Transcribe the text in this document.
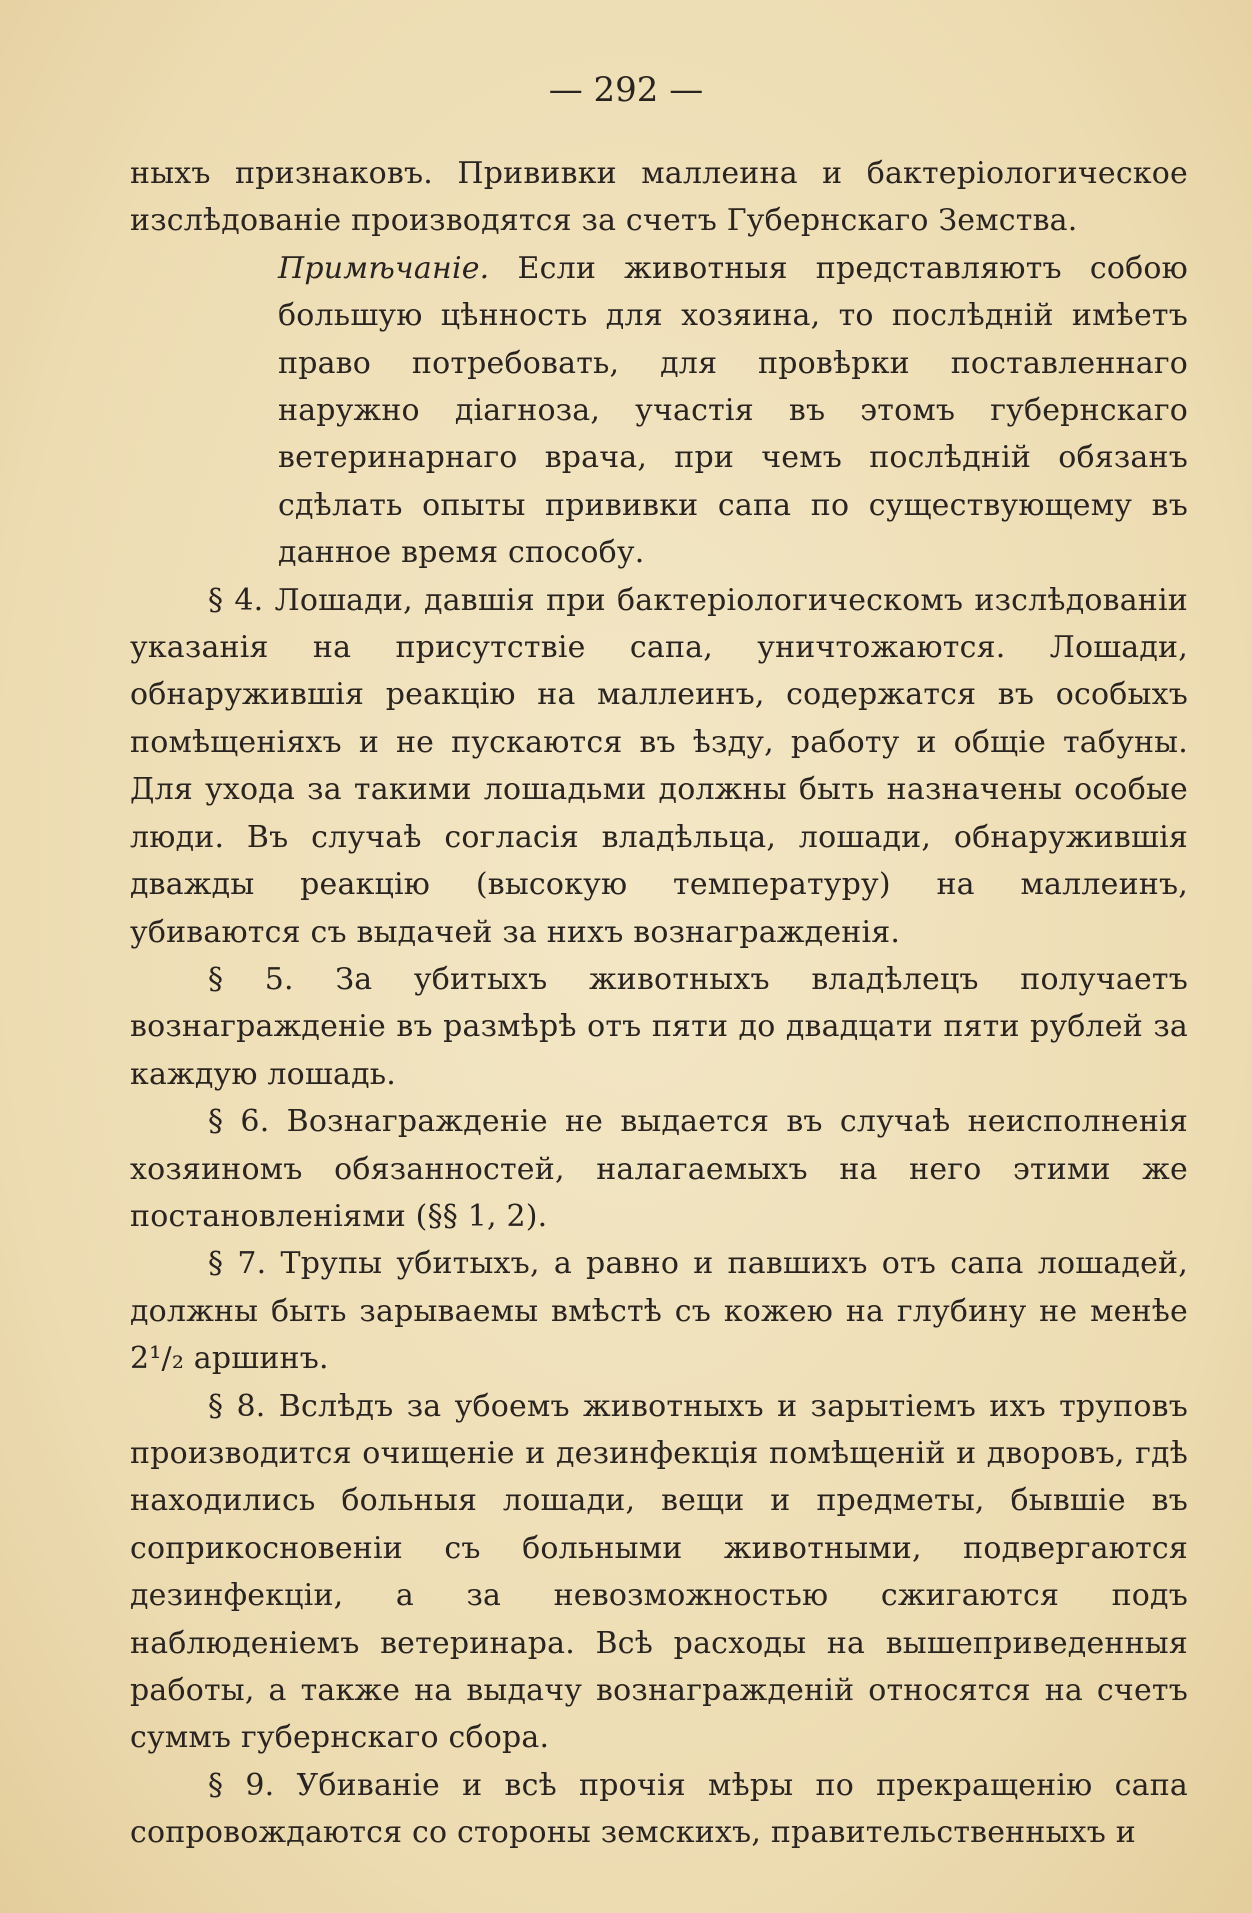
— 292 —

ныхъ признаковъ. Прививки маллеина и бактеріологическое изслѣдованіе производятся за счетъ Губернскаго Земства.

Примѣчаніе. Если животныя представляютъ собою большую цѣнность для хозяина, то послѣдній имѣетъ право потребовать, для провѣрки поставленнаго наружно діагноза, участія въ этомъ губернскаго ветеринарнаго врача, при чемъ послѣдній обязанъ сдѣлать опыты прививки сапа по существующему въ данное время способу.

§ 4. Лошади, давшія при бактеріологическомъ изслѣдованіи указанія на присутствіе сапа, уничтожаются. Лошади, обнаружившія реакцію на маллеинъ, содержатся въ особыхъ помѣщеніяхъ и не пускаются въ ѣзду, работу и общіе табуны. Для ухода за такими лошадьми должны быть назначены особые люди. Въ случаѣ согласія владѣльца, лошади, обнаружившія дважды реакцію (высокую температуру) на маллеинъ, убиваются съ выдачей за нихъ вознагражденія.

§ 5. За убитыхъ животныхъ владѣлецъ получаетъ вознагражденіе въ размѣрѣ отъ пяти до двадцати пяти рублей за каждую лошадь.

§ 6. Вознагражденіе не выдается въ случаѣ неисполненія хозяиномъ обязанностей, налагаемыхъ на него этими же постановленіями (§§ 1, 2).

§ 7. Трупы убитыхъ, а равно и павшихъ отъ сапа лошадей, должны быть зарываемы вмѣстѣ съ кожею на глубину не менѣе 2¹/₂ аршинъ.

§ 8. Вслѣдъ за убоемъ животныхъ и зарытіемъ ихъ труповъ производится очищеніе и дезинфекція помѣщеній и дворовъ, гдѣ находились больныя лошади, вещи и предметы, бывшіе въ соприкосновеніи съ больными животными, подвергаются дезинфекціи, а за невозможностью сжигаются подъ наблюденіемъ ветеринара. Всѣ расходы на вышеприведенныя работы, а также на выдачу вознагражденій относятся на счетъ суммъ губернскаго сбора.

§ 9. Убиваніе и всѣ прочія мѣры по прекращенію сапа сопровождаются со стороны земскихъ, правительственныхъ и
